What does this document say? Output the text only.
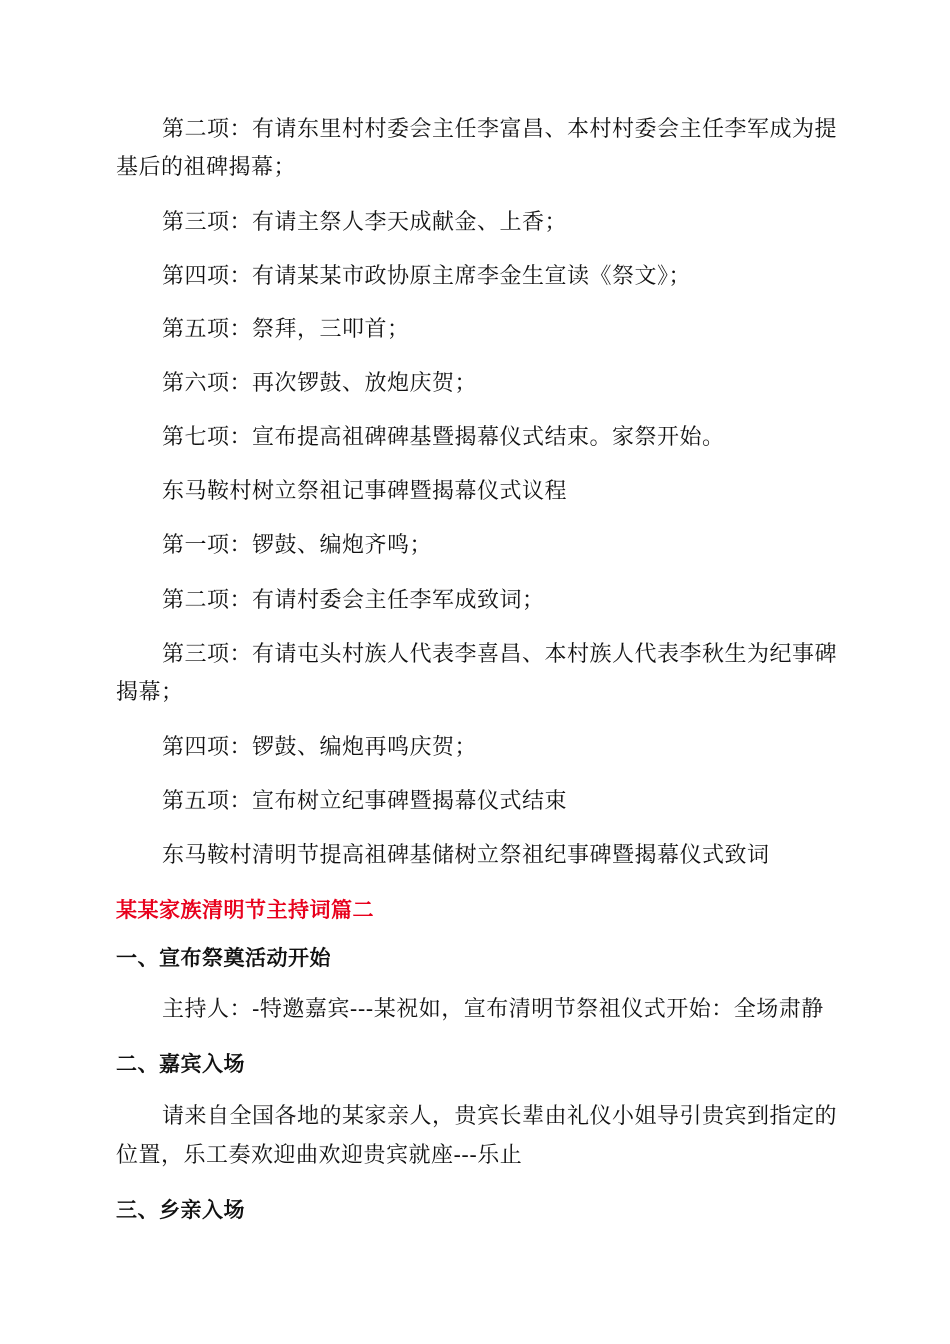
第二项：有请东里村村委会主任李富昌、本村村委会主任李军成为提
基后的祖碑揭幕；
第三项：有请主祭人李天成献金、上香；
第四项：有请某某市政协原主席李金生宣读《祭文》；
第五项：祭拜，三叩首；
第六项：再次锣鼓、放炮庆贺；
第七项：宣布提高祖碑碑基暨揭幕仪式结束。家祭开始。
东马鞍村树立祭祖记事碑暨揭幕仪式议程
第一项：锣鼓、编炮齐鸣；
第二项：有请村委会主任李军成致词；
第三项：有请屯头村族人代表李喜昌、本村族人代表李秋生为纪事碑
揭幕；
第四项：锣鼓、编炮再鸣庆贺；
第五项：宣布树立纪事碑暨揭幕仪式结束
东马鞍村清明节提高祖碑基储树立祭祖纪事碑暨揭幕仪式致词
某某家族清明节主持词篇二
一、宣布祭奠活动开始
主持人：-特邀嘉宾---某祝如，宣布清明节祭祖仪式开始：全场肃静
二、嘉宾入场
请来自全国各地的某家亲人，贵宾长辈由礼仪小姐导引贵宾到指定的
位置，乐工奏欢迎曲欢迎贵宾就座---乐止
三、乡亲入场
